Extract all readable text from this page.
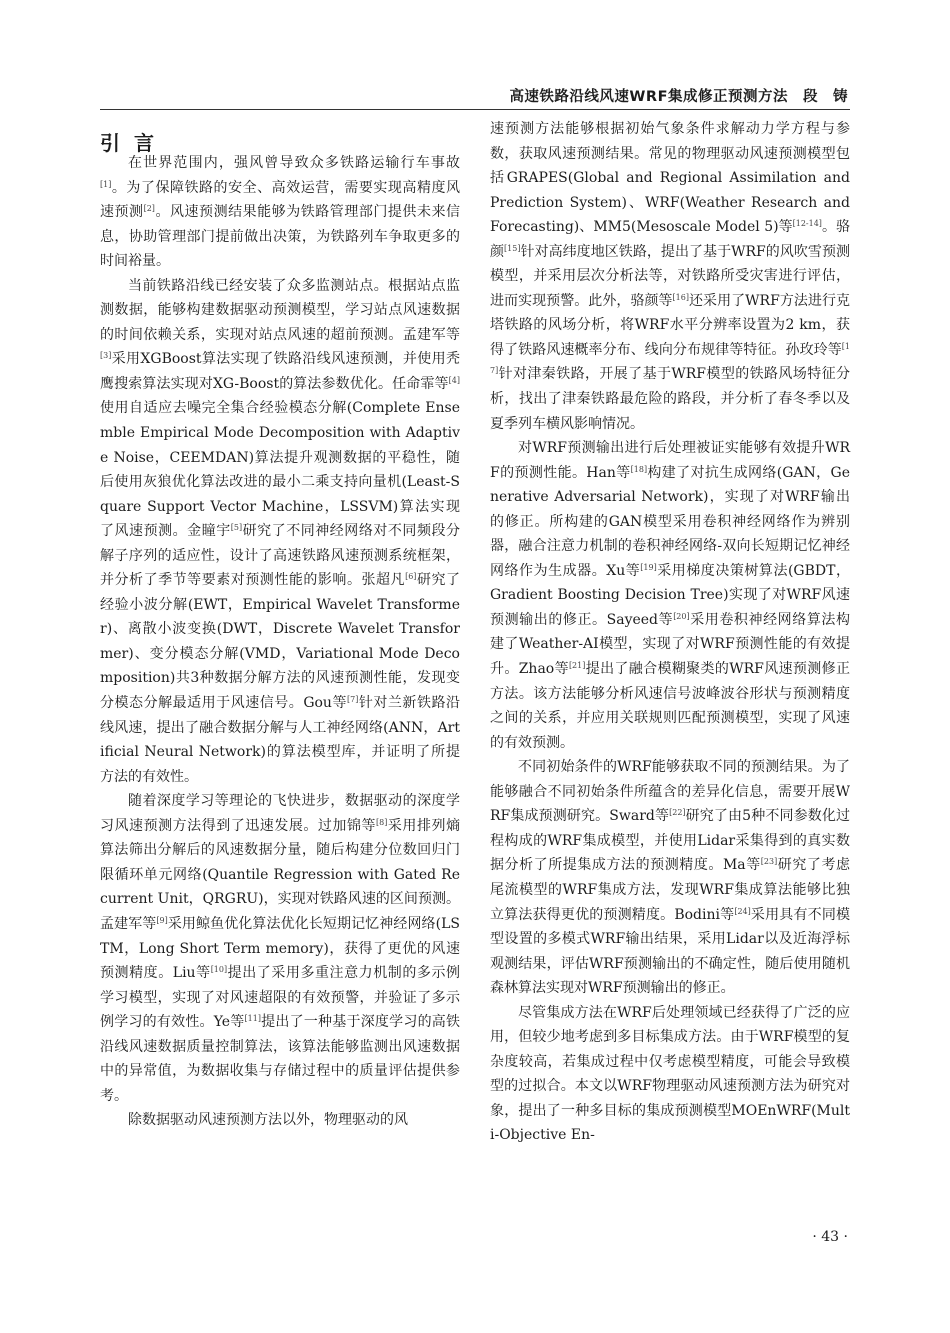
高速铁路沿线风速WRF集成修正预测方法　段　铸
引言

在世界范围内，强风曾导致众多铁路运输行车事故[1]。为了保障铁路的安全、高效运营，需要实现高精度风速预测[2]。风速预测结果能够为铁路管理部门提供未来信息，协助管理部门提前做出决策，为铁路列车争取更多的时间裕量。

当前铁路沿线已经安装了众多监测站点。根据站点监测数据，能够构建数据驱动预测模型，学习站点风速数据的时间依赖关系，实现对站点风速的超前预测。孟建军等[3]采用XGBoost算法实现了铁路沿线风速预测，并使用秃鹰搜索算法实现对XG-Boost的算法参数优化。任命霏等[4]使用自适应去噪完全集合经验模态分解(Complete Ensemble Empirical Mode Decomposition with Adaptive Noise，CEEMDAN)算法提升观测数据的平稳性，随后使用灰狼优化算法改进的最小二乘支持向量机(Least-Square Support Vector Machine，LSSVM)算法实现了风速预测。金瞳宇[5]研究了不同神经网络对不同频段分解子序列的适应性，设计了高速铁路风速预测系统框架，并分析了季节等要素对预测性能的影响。张超凡[6]研究了经验小波分解(EWT，Empirical Wavelet Transformer)、离散小波变换(DWT，Discrete Wavelet Transformer)、变分模态分解(VMD，Variational Mode Decomposition)共3种数据分解方法的风速预测性能，发现变分模态分解最适用于风速信号。Gou等[7]针对兰新铁路沿线风速，提出了融合数据分解与人工神经网络(ANN，Artificial Neural Network)的算法模型库，并证明了所提方法的有效性。

随着深度学习等理论的飞快进步，数据驱动的深度学习风速预测方法得到了迅速发展。过加锦等[8]采用排列熵算法筛出分解后的风速数据分量，随后构建分位数回归门限循环单元网络(Quantile Regression with Gated Recurrent Unit，QRGRU)，实现对铁路风速的区间预测。孟建军等[9]采用鲸鱼优化算法优化长短期记忆神经网络(LSTM，Long Short Term memory)，获得了更优的风速预测精度。Liu等[10]提出了采用多重注意力机制的多示例学习模型，实现了对风速超限的有效预警，并验证了多示例学习的有效性。Ye等[11]提出了一种基于深度学习的高铁沿线风速数据质量控制算法，该算法能够监测出风速数据中的异常值，为数据收集与存储过程中的质量评估提供参考。

除数据驱动风速预测方法以外，物理驱动的风

速预测方法能够根据初始气象条件求解动力学方程与参数，获取风速预测结果。常见的物理驱动风速预测模型包括GRAPES(Global and Regional Assimilation and Prediction System)、WRF(Weather Research and Forecasting)、MM5(Mesoscale Model 5)等[12-14]。骆颜[15]针对高纬度地区铁路，提出了基于WRF的风吹雪预测模型，并采用层次分析法等，对铁路所受灾害进行评估，进而实现预警。此外，骆颜等[16]还采用了WRF方法进行克塔铁路的风场分析，将WRF水平分辨率设置为2 km，获得了铁路风速概率分布、线向分布规律等特征。孙玫玲等[17]针对津秦铁路，开展了基于WRF模型的铁路风场特征分析，找出了津秦铁路最危险的路段，并分析了春冬季以及夏季列车横风影响情况。

对WRF预测输出进行后处理被证实能够有效提升WRF的预测性能。Han等[18]构建了对抗生成网络(GAN，Generative Adversarial Network)，实现了对WRF输出的修正。所构建的GAN模型采用卷积神经网络作为辨别器，融合注意力机制的卷积神经网络-双向长短期记忆神经网络作为生成器。Xu等[19]采用梯度决策树算法(GBDT，Gradient Boosting Decision Tree)实现了对WRF风速预测输出的修正。Sayeed等[20]采用卷积神经网络算法构建了Weather-AI模型，实现了对WRF预测性能的有效提升。Zhao等[21]提出了融合模糊聚类的WRF风速预测修正方法。该方法能够分析风速信号波峰波谷形状与预测精度之间的关系，并应用关联规则匹配预测模型，实现了风速的有效预测。

不同初始条件的WRF能够获取不同的预测结果。为了能够融合不同初始条件所蕴含的差异化信息，需要开展WRF集成预测研究。Sward等[22]研究了由5种不同参数化过程构成的WRF集成模型，并使用Lidar采集得到的真实数据分析了所提集成方法的预测精度。Ma等[23]研究了考虑尾流模型的WRF集成方法，发现WRF集成算法能够比独立算法获得更优的预测精度。Bodini等[24]采用具有不同模型设置的多模式WRF输出结果，采用Lidar以及近海浮标观测结果，评估WRF预测输出的不确定性，随后使用随机森林算法实现对WRF预测输出的修正。

尽管集成方法在WRF后处理领域已经获得了广泛的应用，但较少地考虑到多目标集成方法。由于WRF模型的复杂度较高，若集成过程中仅考虑模型精度，可能会导致模型的过拟合。本文以WRF物理驱动风速预测方法为研究对象，提出了一种多目标的集成预测模型MOEnWRF(Multi-Objective En-

· 43 ·
